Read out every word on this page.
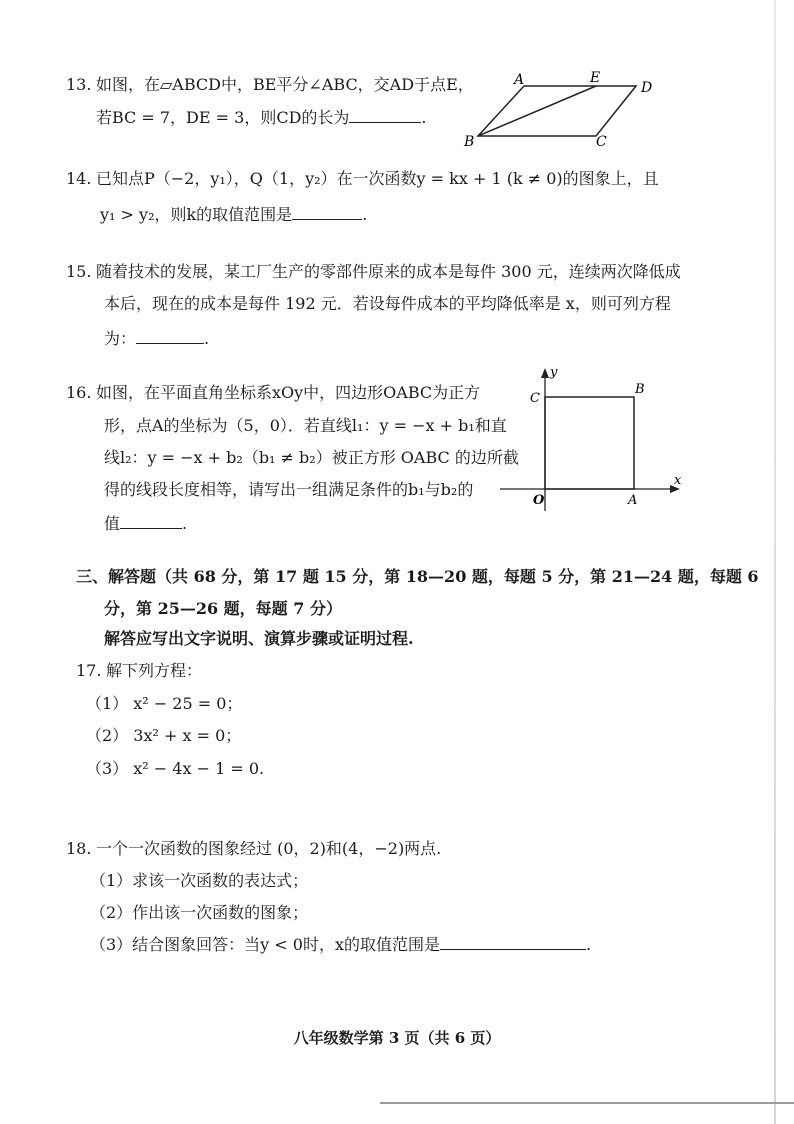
13. 如图，在▱ABCD中，BE平分∠ABC，交AD于点E，
若BC = 7，DE = 3，则CD的长为	.
A	E
D
B	C
14. 已知点P（−2，y₁），Q（1，y₂）在一次函数y = kx + 1 (k ≠ 0)的图象上，且
y₁ > y₂，则k的取值范围是	.
15. 随着技术的发展，某工厂生产的零部件原来的成本是每件 300 元，连续两次降低成
本后，现在的成本是每件 192 元．若设每件成本的平均降低率是 x，则可列方程
为：	.
16. 如图，在平面直角坐标系xOy中，四边形OABC为正方
形，点A的坐标为（5，0）．若直线l₁：y = −x + b₁和直
线l₂：y = −x + b₂（b₁ ≠ b₂）被正方形 OABC 的边所截
得的线段长度相等，请写出一组满足条件的b₁与b₂的
值	.
y
x
O	A
B
C
三、解答题（共 68 分，第 17 题 15 分，第 18—20 题，每题 5 分，第 21—24 题，每题 6
分，第 25—26 题，每题 7 分）
解答应写出文字说明、演算步骤或证明过程.
17. 解下列方程：
（1） x² − 25 = 0；
（2） 3x² + x = 0；
（3） x² − 4x − 1 = 0.
18. 一个一次函数的图象经过 (0，2)和(4，−2)两点.
（1）求该一次函数的表达式；
（2）作出该一次函数的图象；
（3）结合图象回答：当y < 0时，x的取值范围是	.
八年级数学第 3 页（共 6 页）
